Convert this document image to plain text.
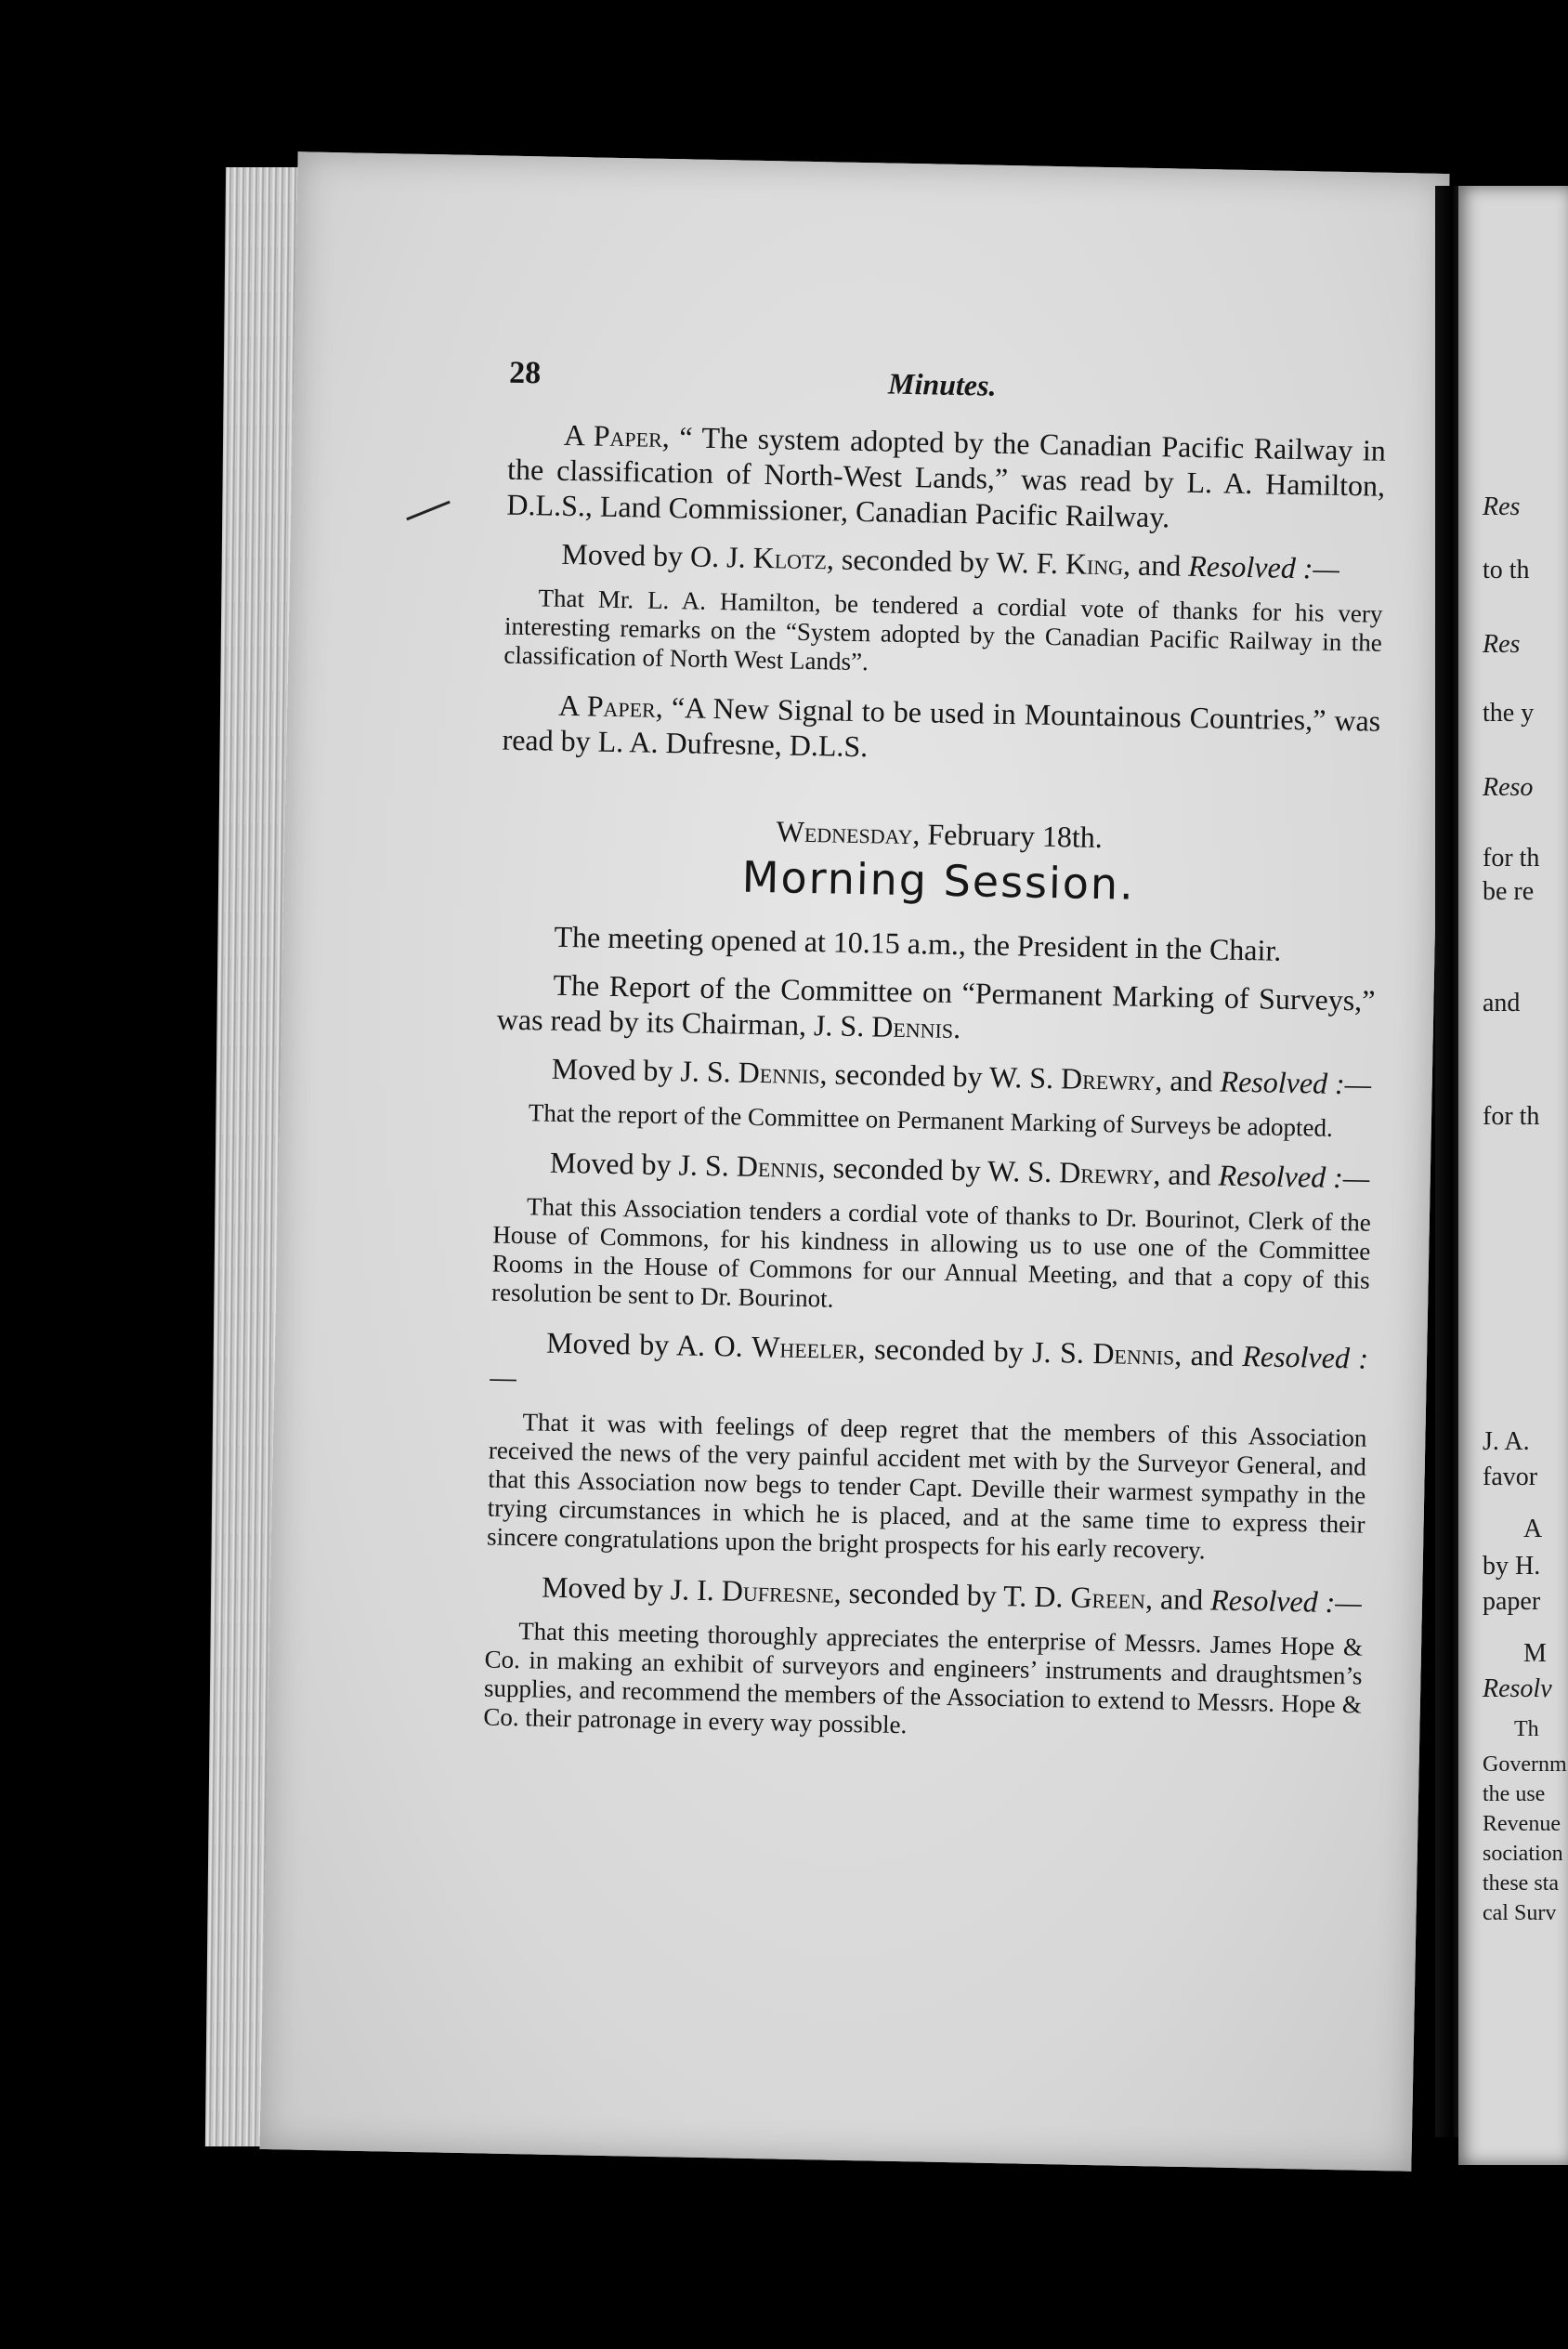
28	Minutes.

A Paper, “ The system adopted by the Canadian Pacific Railway in the classification of North-West Lands,” was read by L. A. Hamilton, D.L.S., Land Commissioner, Canadian Pacific Railway.

Moved by O. J. Klotz, seconded by W. F. King, and Resolved :—

That Mr. L. A. Hamilton, be tendered a cordial vote of thanks for his very interesting remarks on the “System adopted by the Canadian Pacific Railway in the classification of North West Lands”.

A Paper, “A New Signal to be used in Mountainous Countries,” was read by L. A. Dufresne, D.L.S.

Wednesday, February 18th.
Morning Session.

The meeting opened at 10.15 a.m., the President in the Chair.

The Report of the Committee on “Permanent Marking of Surveys,” was read by its Chairman, J. S. Dennis.

Moved by J. S. Dennis, seconded by W. S. Drewry, and Resolved :—

That the report of the Committee on Permanent Marking of Surveys be adopted.

Moved by J. S. Dennis, seconded by W. S. Drewry, and Resolved :—

That this Association tenders a cordial vote of thanks to Dr. Bourinot, Clerk of the House of Commons, for his kindness in allowing us to use one of the Committee Rooms in the House of Commons for our Annual Meeting, and that a copy of this resolution be sent to Dr. Bourinot.

Moved by A. O. Wheeler, seconded by J. S. Dennis, and Resolved :—

That it was with feelings of deep regret that the members of this Association received the news of the very painful accident met with by the Surveyor General, and that this Association now begs to tender Capt. Deville their warmest sympathy in the trying circumstances in which he is placed, and at the same time to express their sincere congratulations upon the bright prospects for his early recovery.

Moved by J. I. Dufresne, seconded by T. D. Green, and Resolved :—

That this meeting thoroughly appreciates the enterprise of Messrs. James Hope & Co. in making an exhibit of surveyors and engineers’ instruments and draughtsmen’s supplies, and recommend the members of the Association to extend to Messrs. Hope & Co. their patronage in every way possible.

Res
to th
Res
the y
Reso
for th
be re
and
for th
J. A.
favor
A
by H.
paper
M
Resolv
Th
Governm
the use
Revenue
sociation
these sta
cal Surv
